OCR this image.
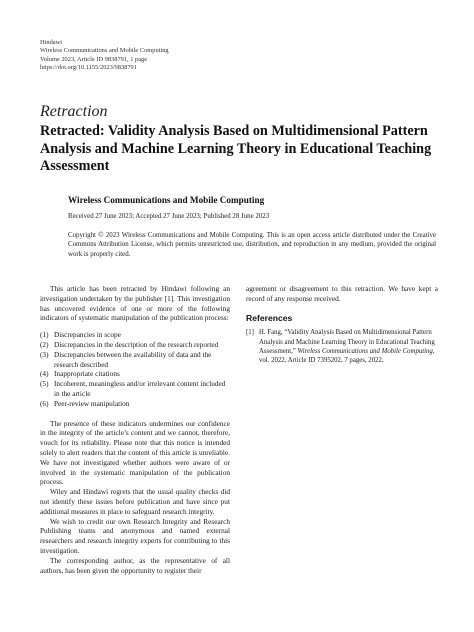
Hindawi
Wireless Communications and Mobile Computing
Volume 2023, Article ID 9838791, 1 page
https://doi.org/10.1155/2023/9838791
Retraction
Retracted: Validity Analysis Based on Multidimensional Pattern Analysis and Machine Learning Theory in Educational Teaching Assessment
Wireless Communications and Mobile Computing
Received 27 June 2023; Accepted 27 June 2023; Published 28 June 2023
Copyright © 2023 Wireless Communications and Mobile Computing. This is an open access article distributed under the Creative Commons Attribution License, which permits unrestricted use, distribution, and reproduction in any medium, provided the original work is properly cited.

This article has been retracted by Hindawi following an investigation undertaken by the publisher [1]. This investigation has uncovered evidence of one or more of the following indicators of systematic manipulation of the publication process:

(1) Discrepancies in scope
(2) Discrepancies in the description of the research reported
(3) Discrepancies between the availability of data and the research described
(4) Inappropriate citations
(5) Incoherent, meaningless and/or irrelevant content included in the article
(6) Peer-review manipulation

The presence of these indicators undermines our confidence in the integrity of the article’s content and we cannot, therefore, vouch for its reliability. Please note that this notice is intended solely to alert readers that the content of this article is unreliable. We have not investigated whether authors were aware of or involved in the systematic manipulation of the publication process.

Wiley and Hindawi regrets that the usual quality checks did not identify these issues before publication and have since put additional measures in place to safeguard research integrity.

We wish to credit our own Research Integrity and Research Publishing teams and anonymous and named external researchers and research integrity experts for contributing to this investigation.

The corresponding author, as the representative of all authors, has been given the opportunity to register their

agreement or disagreement to this retraction. We have kept a record of any response received.

References
[1] H. Fang, “Validity Analysis Based on Multidimensional Pattern Analysis and Machine Learning Theory in Educational Teaching Assessment,” Wireless Communications and Mobile Computing, vol. 2022, Article ID 7395202, 7 pages, 2022.
